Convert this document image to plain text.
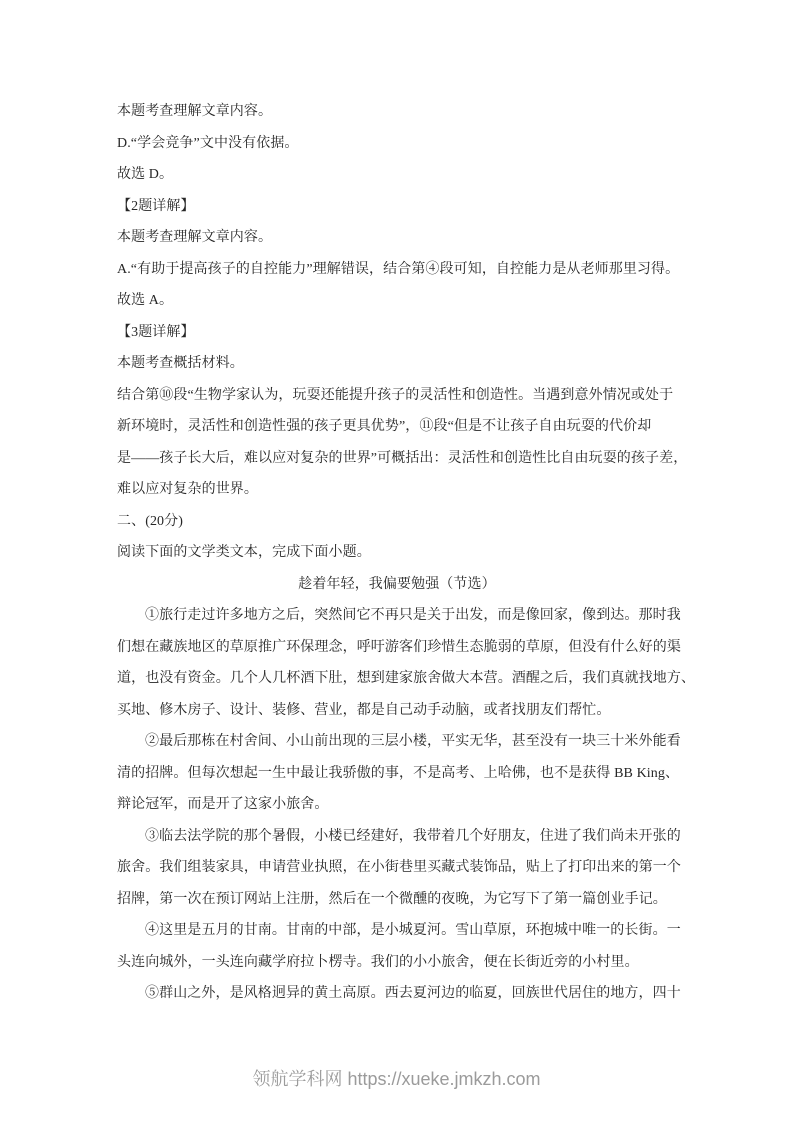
本题考查理解文章内容。
D.“学会竞争”文中没有依据。
故选 D。
【2题详解】
本题考查理解文章内容。
A.“有助于提高孩子的自控能力”理解错误，结合第④段可知，自控能力是从老师那里习得。
故选 A。
【3题详解】
本题考查概括材料。
结合第⑩段“生物学家认为，玩耍还能提升孩子的灵活性和创造性。当遇到意外情况或处于
新环境时，灵活性和创造性强的孩子更具优势”，⑪段“但是不让孩子自由玩耍的代价却
是——孩子长大后，难以应对复杂的世界”可概括出：灵活性和创造性比自由玩耍的孩子差，
难以应对复杂的世界。
二、(20分)
阅读下面的文学类文本，完成下面小题。
趁着年轻，我偏要勉强（节选）
①旅行走过许多地方之后，突然间它不再只是关于出发，而是像回家，像到达。那时我
们想在藏族地区的草原推广环保理念，呼吁游客们珍惜生态脆弱的草原，但没有什么好的渠
道，也没有资金。几个人几杯酒下肚，想到建家旅舍做大本营。酒醒之后，我们真就找地方、
买地、修木房子、设计、装修、营业，都是自己动手动脑，或者找朋友们帮忙。
②最后那栋在村舍间、小山前出现的三层小楼，平实无华，甚至没有一块三十米外能看
清的招牌。但每次想起一生中最让我骄傲的事，不是高考、上哈佛，也不是获得 BB King、
辩论冠军，而是开了这家小旅舍。
③临去法学院的那个暑假，小楼已经建好，我带着几个好朋友，住进了我们尚未开张的
旅舍。我们组装家具，申请营业执照，在小街巷里买藏式装饰品，贴上了打印出来的第一个
招牌，第一次在预订网站上注册，然后在一个微醺的夜晚，为它写下了第一篇创业手记。
④这里是五月的甘南。甘南的中部，是小城夏河。雪山草原，环抱城中唯一的长街。一
头连向城外，一头连向藏学府拉卜楞寺。我们的小小旅舍，便在长街近旁的小村里。
⑤群山之外，是风格迥异的黄土高原。西去夏河边的临夏，回族世代居住的地方，四十
领航学科网 https://xueke.jmkzh.com
